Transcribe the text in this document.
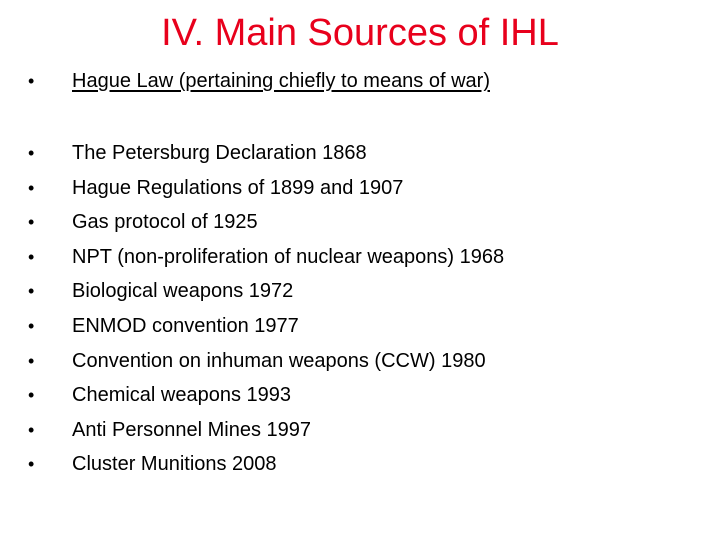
IV. Main Sources of IHL
•	Hague Law (pertaining chiefly to means of war)
•	The Petersburg Declaration 1868
•	Hague Regulations of 1899 and 1907
•	Gas protocol of 1925
•	NPT (non-proliferation of nuclear weapons) 1968
•	Biological weapons 1972
•	ENMOD convention 1977
•	Convention on inhuman weapons (CCW) 1980
•	Chemical weapons 1993
•	Anti Personnel Mines 1997
•	Cluster Munitions 2008
